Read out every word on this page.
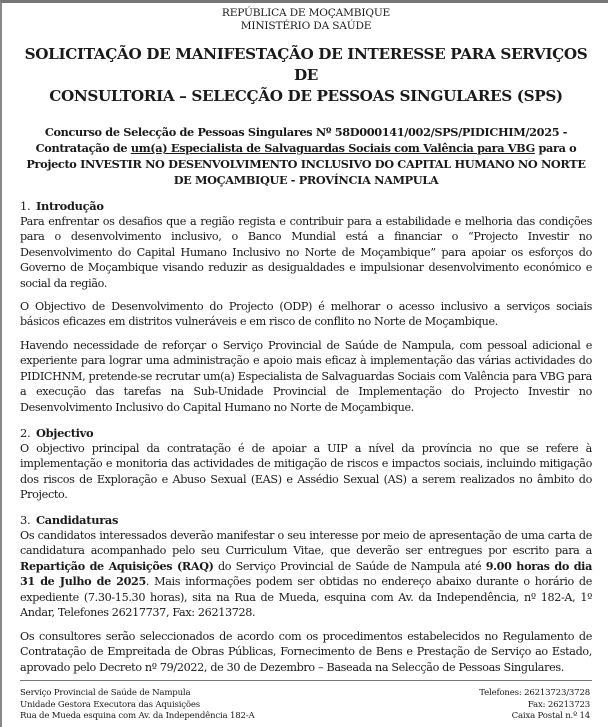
REPÚBLICA DE MOÇAMBIQUE
MINISTÉRIO DA SAÚDE
SOLICITAÇÃO DE MANIFESTAÇÃO DE INTERESSE PARA SERVIÇOS DE
CONSULTORIA – SELECÇÃO DE PESSOAS SINGULARES (SPS)
Concurso de Selecção de Pessoas Singulares Nº 58D000141/002/SPS/PIDICHIM/2025 - Contratação de um(a) Especialista de Salvaguardas Sociais com Valência para VBG para o Projecto INVESTIR NO DESENVOLVIMENTO INCLUSIVO DO CAPITAL HUMANO NO NORTE DE MOÇAMBIQUE - PROVÍNCIA NAMPULA
1. Introdução

Para enfrentar os desafios que a região regista e contribuir para a estabilidade e melhoria das condições para o desenvolvimento inclusivo, o Banco Mundial está a financiar o “Projecto Investir no Desenvolvimento do Capital Humano Inclusivo no Norte de Moçambique” para apoiar os esforços do Governo de Moçambique visando reduzir as desigualdades e impulsionar desenvolvimento económico e social da região.

O Objectivo de Desenvolvimento do Projecto (ODP) é melhorar o acesso inclusivo a serviços sociais básicos eficazes em distritos vulneráveis e em risco de conflito no Norte de Moçambique.

Havendo necessidade de reforçar o Serviço Provincial de Saúde de Nampula, com pessoal adicional e experiente para lograr uma administração e apoio mais eficaz à implementação das várias actividades do PIDICHNM, pretende-se recrutar um(a) Especialista de Salvaguardas Sociais com Valência para VBG para a execução das tarefas na Sub-Unidade Provincial de Implementação do Projecto Investir no Desenvolvimento Inclusivo do Capital Humano no Norte de Moçambique.

2. Objectivo

O objectivo principal da contratação é de apoiar a UIP a nível da província no que se refere à implementação e monitoria das actividades de mitigação de riscos e impactos sociais, incluindo mitigação dos riscos de Exploração e Abuso Sexual (EAS) e Assédio Sexual (AS) a serem realizados no âmbito do Projecto.

3. Candidaturas

Os candidatos interessados deverão manifestar o seu interesse por meio de apresentação de uma carta de candidatura acompanhado pelo seu Curriculum Vitae, que deverão ser entregues por escrito para a Repartição de Aquisições (RAQ) do Serviço Provincial de Saúde de Nampula até 9.00 horas do dia 31 de Julho de 2025. Mais informações podem ser obtidas no endereço abaixo durante o horário de expediente (7.30-15.30 horas), sita na Rua de Mueda, esquina com Av. da Independência, nº 182-A, 1º Andar, Telefones 26217737, Fax: 26213728.

Os consultores serão seleccionados de acordo com os procedimentos estabelecidos no Regulamento de Contratação de Empreitada de Obras Públicas, Fornecimento de Bens e Prestação de Serviço ao Estado, aprovado pelo Decreto nº 79/2022, de 30 de Dezembro – Baseada na Selecção de Pessoas Singulares.

Serviço Provincial de Saúde de Nampula
Unidade Gestora Executora das Aquisições
Rua de Mueda esquina com Av. da Independência 182-A
Telefones: 26213723/3728
Fax: 26213723
Caixa Postal n.º 14
